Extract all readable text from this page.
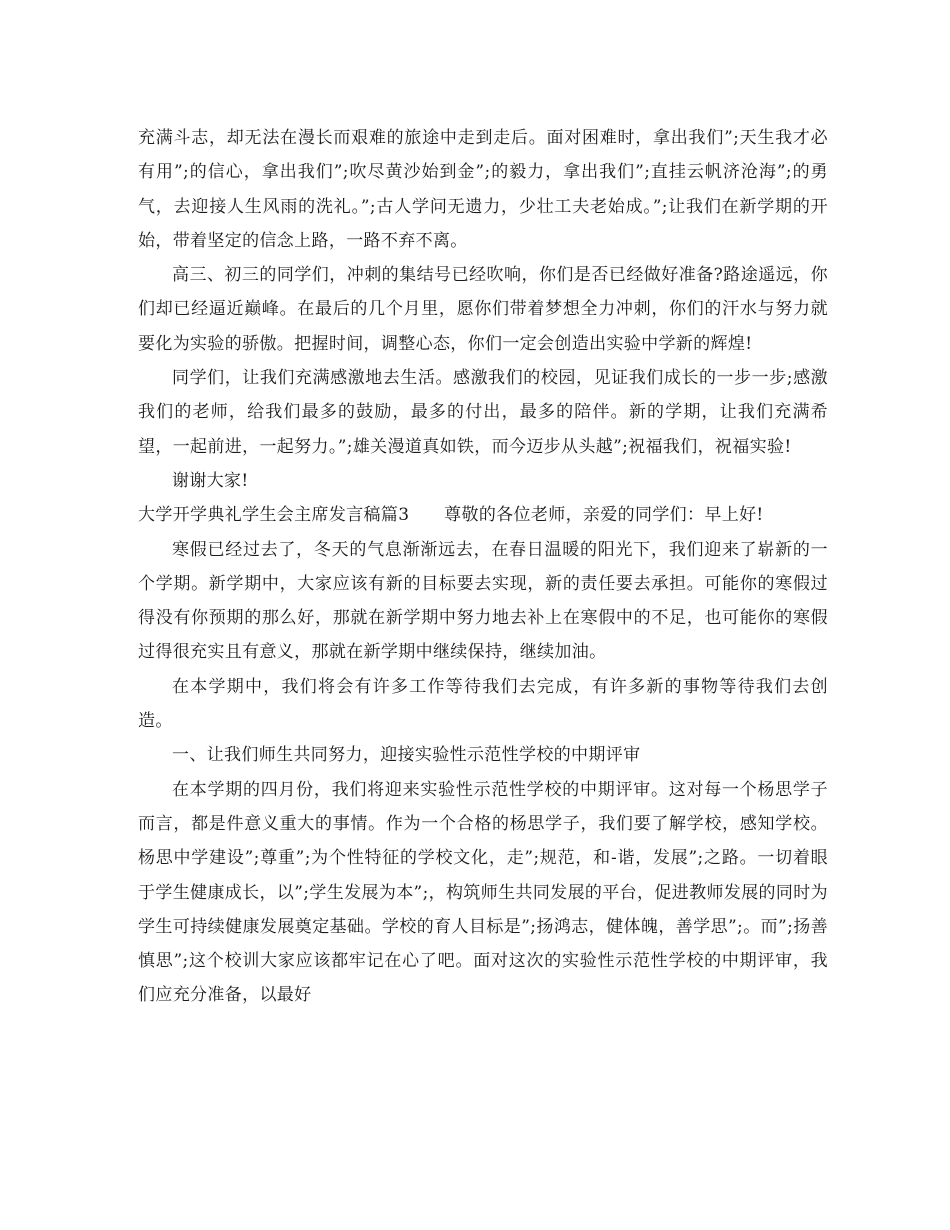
充满斗志，却无法在漫长而艰难的旅途中走到走后。面对困难时，拿出我们”;天生我才必有用”;的信心，拿出我们”;吹尽黄沙始到金”;的毅力，拿出我们”;直挂云帆济沧海”;的勇气，去迎接人生风雨的洗礼。”;古人学问无遗力，少壮工夫老始成。”;让我们在新学期的开始，带着坚定的信念上路，一路不弃不离。

高三、初三的同学们，冲刺的集结号已经吹响，你们是否已经做好准备?路途遥远，你们却已经逼近巅峰。在最后的几个月里，愿你们带着梦想全力冲刺，你们的汗水与努力就要化为实验的骄傲。把握时间，调整心态，你们一定会创造出实验中学新的辉煌!

同学们，让我们充满感激地去生活。感激我们的校园，见证我们成长的一步一步;感激我们的老师，给我们最多的鼓励，最多的付出，最多的陪伴。新的学期，让我们充满希望，一起前进，一起努力。”;雄关漫道真如铁，而今迈步从头越”;祝福我们，祝福实验!

谢谢大家!

大学开学典礼学生会主席发言稿篇3　　尊敬的各位老师，亲爱的同学们：早上好!

寒假已经过去了，冬天的气息渐渐远去，在春日温暖的阳光下，我们迎来了崭新的一个学期。新学期中，大家应该有新的目标要去实现，新的责任要去承担。可能你的寒假过得没有你预期的那么好，那就在新学期中努力地去补上在寒假中的不足，也可能你的寒假过得很充实且有意义，那就在新学期中继续保持，继续加油。

在本学期中，我们将会有许多工作等待我们去完成，有许多新的事物等待我们去创造。

一、让我们师生共同努力，迎接实验性示范性学校的中期评审

在本学期的四月份，我们将迎来实验性示范性学校的中期评审。这对每一个杨思学子而言，都是件意义重大的事情。作为一个合格的杨思学子，我们要了解学校，感知学校。杨思中学建设”;尊重”;为个性特征的学校文化，走”;规范，和-谐，发展”;之路。一切着眼于学生健康成长，以”;学生发展为本”;，构筑师生共同发展的平台，促进教师发展的同时为学生可持续健康发展奠定基础。学校的育人目标是”;扬鸿志，健体魄，善学思”;。而”;扬善 慎思”;这个校训大家应该都牢记在心了吧。面对这次的实验性示范性学校的中期评审，我们应充分准备，以最好
